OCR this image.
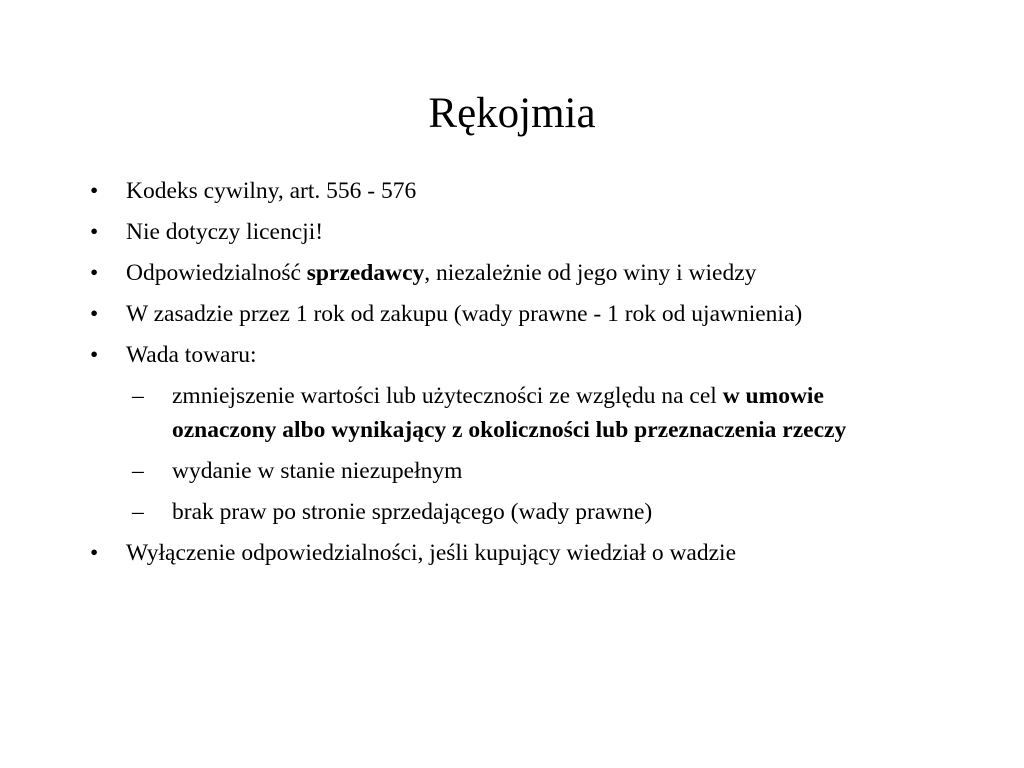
Rękojmia
• Kodeks cywilny, art. 556 - 576
• Nie dotyczy licencji!
• Odpowiedzialność sprzedawcy, niezależnie od jego winy i wiedzy
• W zasadzie przez 1 rok od zakupu (wady prawne - 1 rok od ujawnienia)
• Wada towaru:
– zmniejszenie wartości lub użyteczności ze względu na cel w umowie oznaczony albo wynikający z okoliczności lub przeznaczenia rzeczy
– wydanie w stanie niezupełnym
– brak praw po stronie sprzedającego (wady prawne)
• Wyłączenie odpowiedzialności, jeśli kupujący wiedział o wadzie
